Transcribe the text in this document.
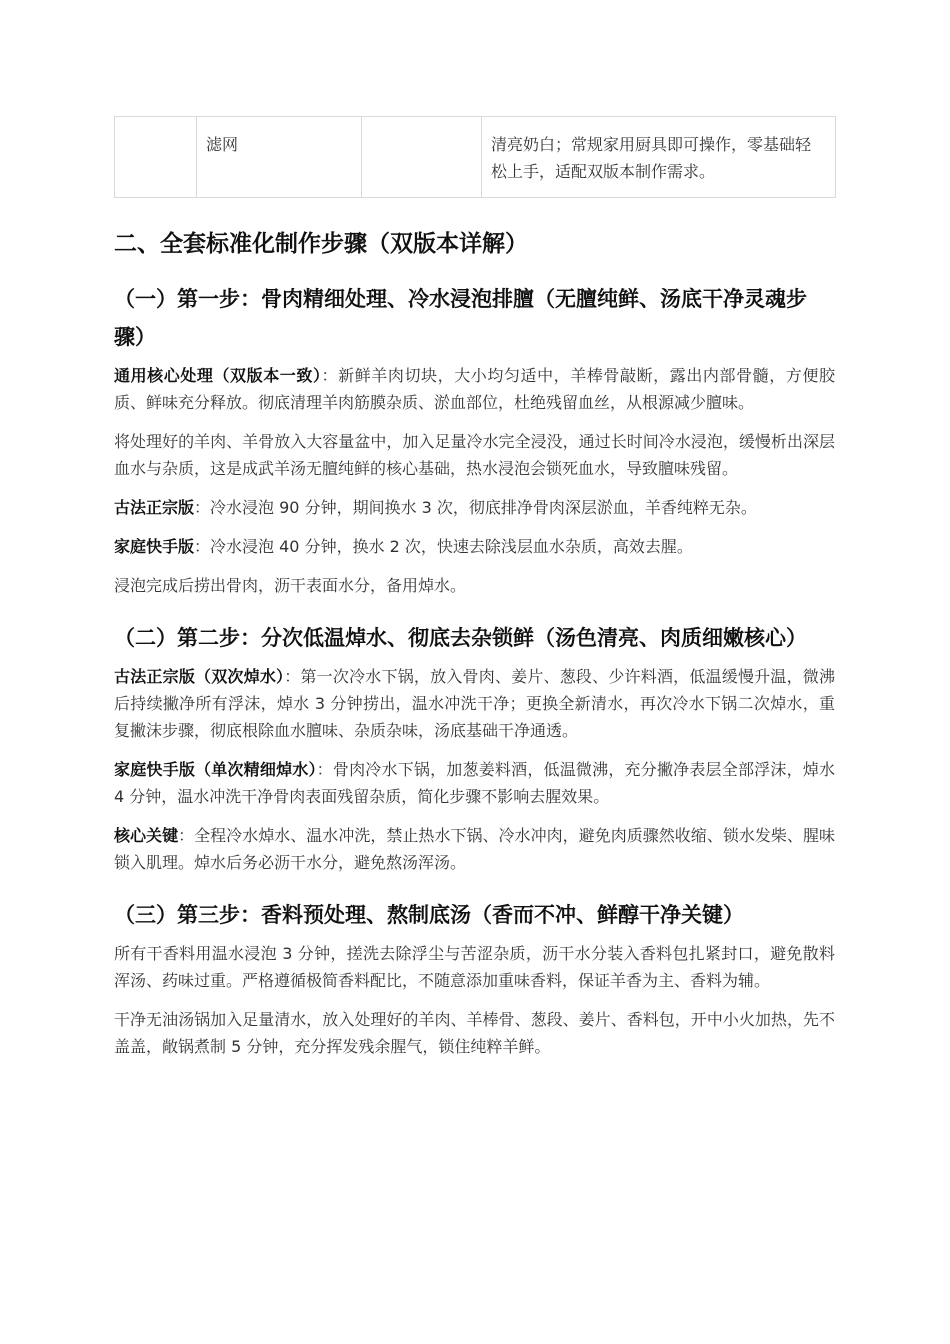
	滤网		清亮奶白；常规家用厨具即可操作，零基础轻松上手，适配双版本制作需求。
二、全套标准化制作步骤（双版本详解）
（一）第一步：骨肉精细处理、冷水浸泡排膻（无膻纯鲜、汤底干净灵魂步骤）

通用核心处理（双版本一致）：新鲜羊肉切块，大小均匀适中，羊棒骨敲断，露出内部骨髓，方便胶质、鲜味充分释放。彻底清理羊肉筋膜杂质、淤血部位，杜绝残留血丝，从根源减少膻味。

将处理好的羊肉、羊骨放入大容量盆中，加入足量冷水完全浸没，通过长时间冷水浸泡，缓慢析出深层血水与杂质，这是成武羊汤无膻纯鲜的核心基础，热水浸泡会锁死血水，导致膻味残留。

古法正宗版：冷水浸泡 90 分钟，期间换水 3 次，彻底排净骨肉深层淤血，羊香纯粹无杂。

家庭快手版：冷水浸泡 40 分钟，换水 2 次，快速去除浅层血水杂质，高效去腥。

浸泡完成后捞出骨肉，沥干表面水分，备用焯水。

（二）第二步：分次低温焯水、彻底去杂锁鲜（汤色清亮、肉质细嫩核心）

古法正宗版（双次焯水）：第一次冷水下锅，放入骨肉、姜片、葱段、少许料酒，低温缓慢升温，微沸后持续撇净所有浮沫，焯水 3 分钟捞出，温水冲洗干净；更换全新清水，再次冷水下锅二次焯水，重复撇沫步骤，彻底根除血水膻味、杂质杂味，汤底基础干净通透。

家庭快手版（单次精细焯水）：骨肉冷水下锅，加葱姜料酒，低温微沸，充分撇净表层全部浮沫，焯水 4 分钟，温水冲洗干净骨肉表面残留杂质，简化步骤不影响去腥效果。

核心关键：全程冷水焯水、温水冲洗，禁止热水下锅、冷水冲肉，避免肉质骤然收缩、锁水发柴、腥味锁入肌理。焯水后务必沥干水分，避免熬汤浑汤。

（三）第三步：香料预处理、熬制底汤（香而不冲、鲜醇干净关键）

所有干香料用温水浸泡 3 分钟，搓洗去除浮尘与苦涩杂质，沥干水分装入香料包扎紧封口，避免散料浑汤、药味过重。严格遵循极简香料配比，不随意添加重味香料，保证羊香为主、香料为辅。

干净无油汤锅加入足量清水，放入处理好的羊肉、羊棒骨、葱段、姜片、香料包，开中小火加热，先不盖盖，敞锅煮制 5 分钟，充分挥发残余腥气，锁住纯粹羊鲜。
